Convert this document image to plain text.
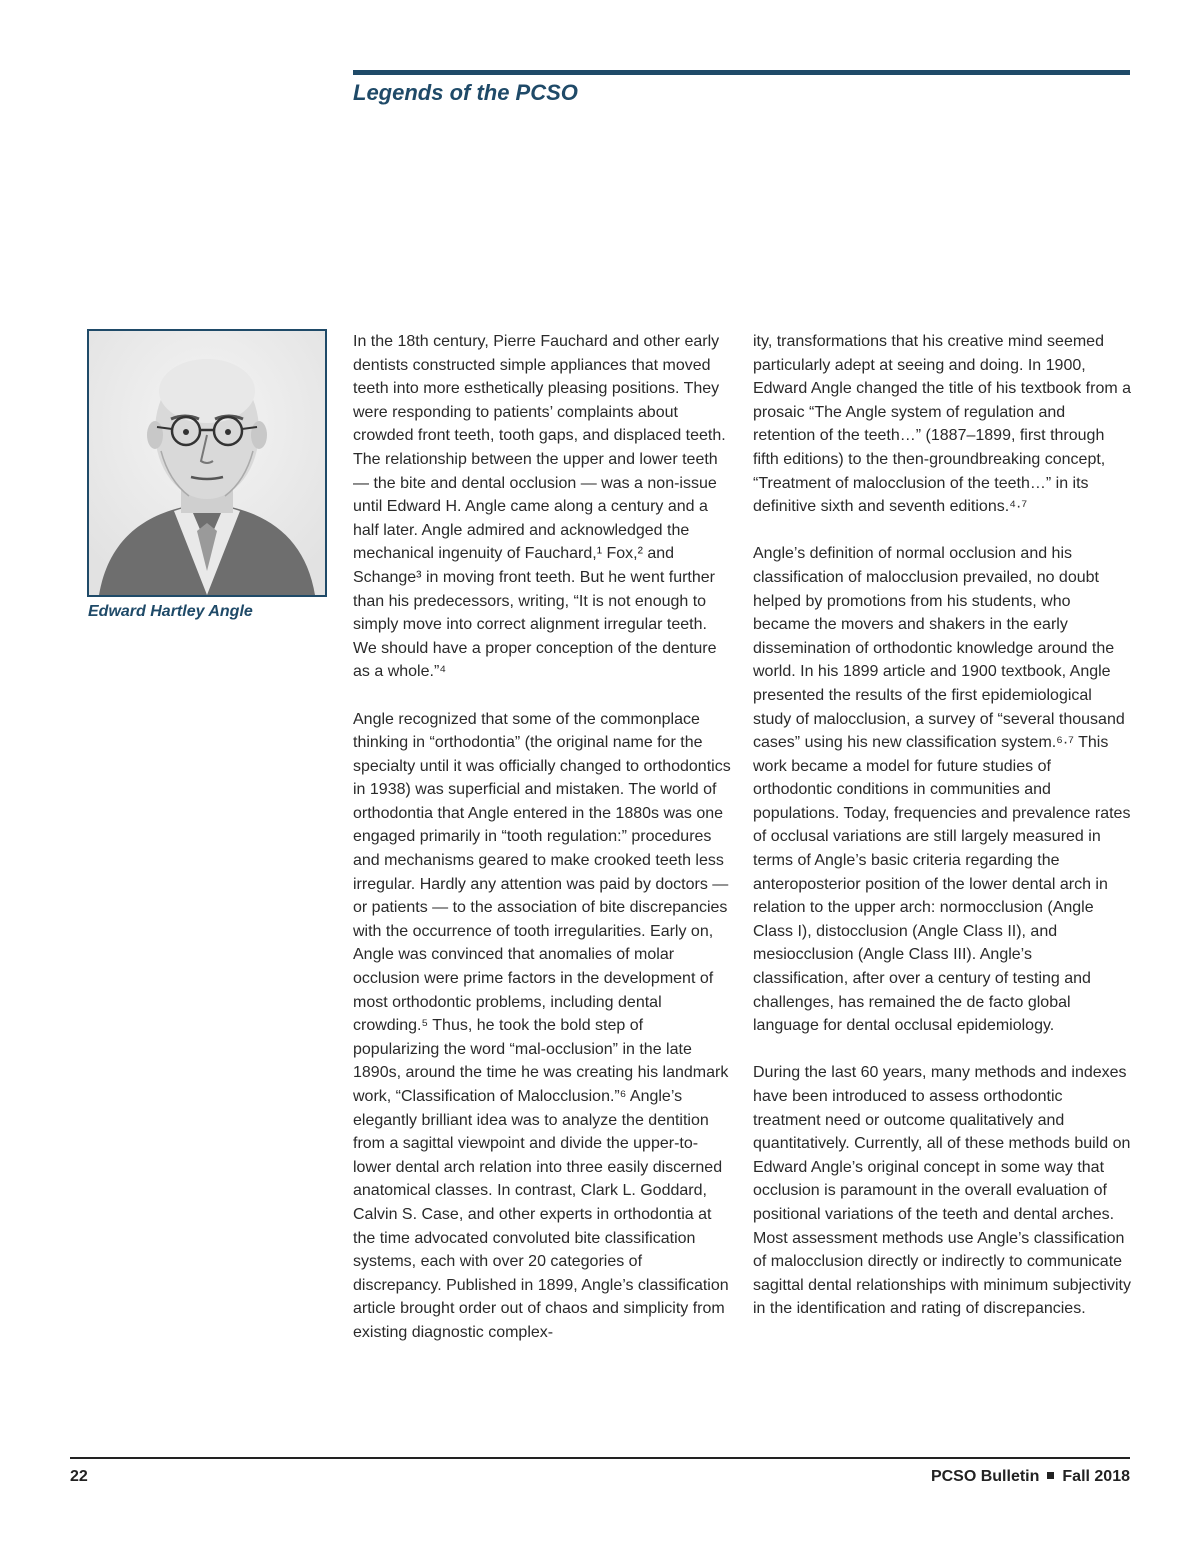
Legends of the PCSO

Edward Hartley Angle

In the 18th century, Pierre Fauchard and other early dentists constructed simple appliances that moved teeth into more esthetically pleasing positions. They were responding to patients’ complaints about crowded front teeth, tooth gaps, and displaced teeth. The relationship between the upper and lower teeth — the bite and dental occlusion — was a non-issue until Edward H. Angle came along a century and a half later. Angle admired and acknowledged the mechanical ingenuity of Fauchard,¹ Fox,² and Schange³ in moving front teeth. But he went further than his predecessors, writing, “It is not enough to simply move into correct alignment irregular teeth. We should have a proper conception of the denture as a whole.”⁴

Angle recognized that some of the commonplace thinking in “orthodontia” (the original name for the specialty until it was officially changed to orthodontics in 1938) was superficial and mistaken. The world of orthodontia that Angle entered in the 1880s was one engaged primarily in “tooth regulation:” procedures and mechanisms geared to make crooked teeth less irregular. Hardly any attention was paid by doctors — or patients — to the association of bite discrepancies with the occurrence of tooth irregularities. Early on, Angle was convinced that anomalies of molar occlusion were prime factors in the development of most orthodontic problems, including dental crowding.⁵ Thus, he took the bold step of popularizing the word “mal-occlusion” in the late 1890s, around the time he was creating his landmark work, “Classification of Malocclusion.”⁶ Angle’s elegantly brilliant idea was to analyze the dentition from a sagittal viewpoint and divide the upper-to-lower dental arch relation into three easily discerned anatomical classes. In contrast, Clark L. Goddard, Calvin S. Case, and other experts in orthodontia at the time advocated convoluted bite classification systems, each with over 20 categories of discrepancy. Published in 1899, Angle’s classification article brought order out of chaos and simplicity from existing diagnostic complex-

ity, transformations that his creative mind seemed particularly adept at seeing and doing. In 1900, Edward Angle changed the title of his textbook from a prosaic “The Angle system of regulation and retention of the teeth…” (1887–1899, first through fifth editions) to the then-groundbreaking concept, “Treatment of malocclusion of the teeth…” in its definitive sixth and seventh editions.⁴·⁷

Angle’s definition of normal occlusion and his classification of malocclusion prevailed, no doubt helped by promotions from his students, who became the movers and shakers in the early dissemination of orthodontic knowledge around the world. In his 1899 article and 1900 textbook, Angle presented the results of the first epidemiological study of malocclusion, a survey of “several thousand cases” using his new classification system.⁶·⁷ This work became a model for future studies of orthodontic conditions in communities and populations. Today, frequencies and prevalence rates of occlusal variations are still largely measured in terms of Angle’s basic criteria regarding the anteroposterior position of the lower dental arch in relation to the upper arch: normocclusion (Angle Class I), distocclusion (Angle Class II), and mesiocclusion (Angle Class III). Angle’s classification, after over a century of testing and challenges, has remained the de facto global language for dental occlusal epidemiology.

During the last 60 years, many methods and indexes have been introduced to assess orthodontic treatment need or outcome qualitatively and quantitatively. Currently, all of these methods build on Edward Angle’s original concept in some way that occlusion is paramount in the overall evaluation of positional variations of the teeth and dental arches. Most assessment methods use Angle’s classification of malocclusion directly or indirectly to communicate sagittal dental relationships with minimum subjectivity in the identification and rating of discrepancies.

22	PCSO Bulletin Fall 2018
